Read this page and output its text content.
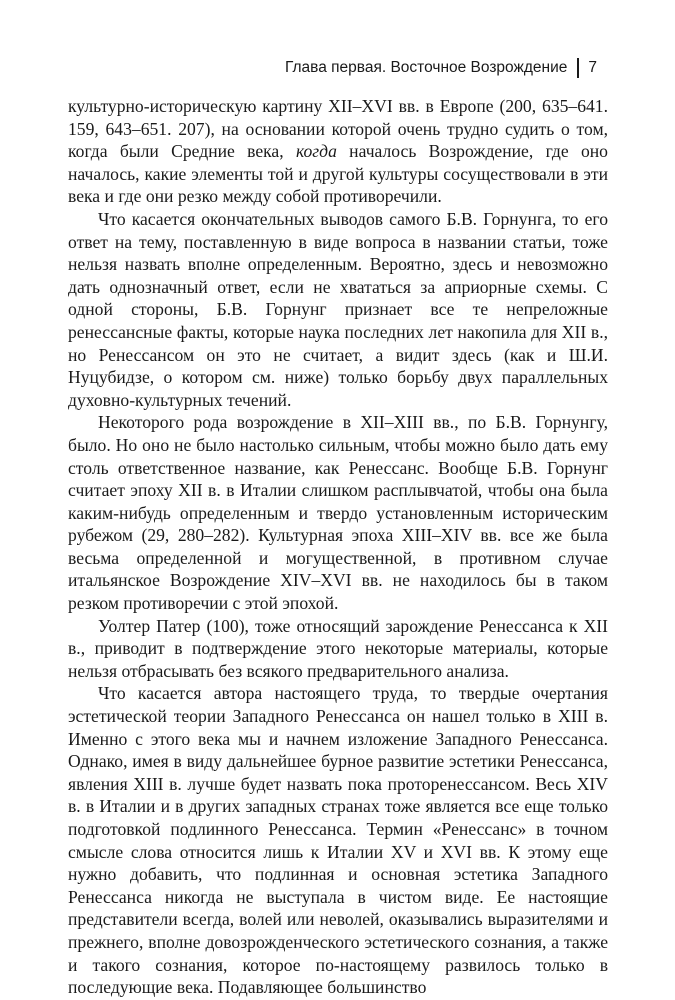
Глава первая. Восточное Возрождение 7

культурно-историческую картину XII–XVI вв. в Европе (200, 635–641. 159, 643–651. 207), на основании которой очень трудно судить о том, когда были Средние века, когда началось Возрождение, где оно началось, какие элементы той и другой культуры сосуществовали в эти века и где они резко между собой противоречили.

Что касается окончательных выводов самого Б.В. Горнунга, то его ответ на тему, поставленную в виде вопроса в названии статьи, тоже нельзя назвать вполне определенным. Вероятно, здесь и невозможно дать однозначный ответ, если не хвататься за априорные схемы. С одной стороны, Б.В. Горнунг признает все те непреложные ренессансные факты, которые наука последних лет накопила для XII в., но Ренессансом он это не считает, а видит здесь (как и Ш.И. Нуцубидзе, о котором см. ниже) только борьбу двух параллельных духовно-культурных течений.

Некоторого рода возрождение в XII–XIII вв., по Б.В. Горнунгу, было. Но оно не было настолько сильным, чтобы можно было дать ему столь ответственное название, как Ренессанс. Вообще Б.В. Горнунг считает эпоху XII в. в Италии слишком расплывчатой, чтобы она была каким-нибудь определенным и твердо установленным историческим рубежом (29, 280–282). Культурная эпоха XIII–XIV вв. все же была весьма определенной и могущественной, в противном случае итальянское Возрождение XIV–XVI вв. не находилось бы в таком резком противоречии с этой эпохой.

Уолтер Патер (100), тоже относящий зарождение Ренессанса к XII в., приводит в подтверждение этого некоторые материалы, которые нельзя отбрасывать без всякого предварительного анализа.

Что касается автора настоящего труда, то твердые очертания эстетической теории Западного Ренессанса он нашел только в XIII в. Именно с этого века мы и начнем изложение Западного Ренессанса. Однако, имея в виду дальнейшее бурное развитие эстетики Ренессанса, явления XIII в. лучше будет назвать пока проторенессансом. Весь XIV в. в Италии и в других западных странах тоже является все еще только подготовкой подлинного Ренессанса. Термин «Ренессанс» в точном смысле слова относится лишь к Италии XV и XVI вв. К этому еще нужно добавить, что подлинная и основная эстетика Западного Ренессанса никогда не выступала в чистом виде. Ее настоящие представители всегда, волей или неволей, оказывались выразителями и прежнего, вполне довозрожденческого эстетического сознания, а также и такого сознания, которое по-настоящему развилось только в последующие века. Подавляющее большинство
